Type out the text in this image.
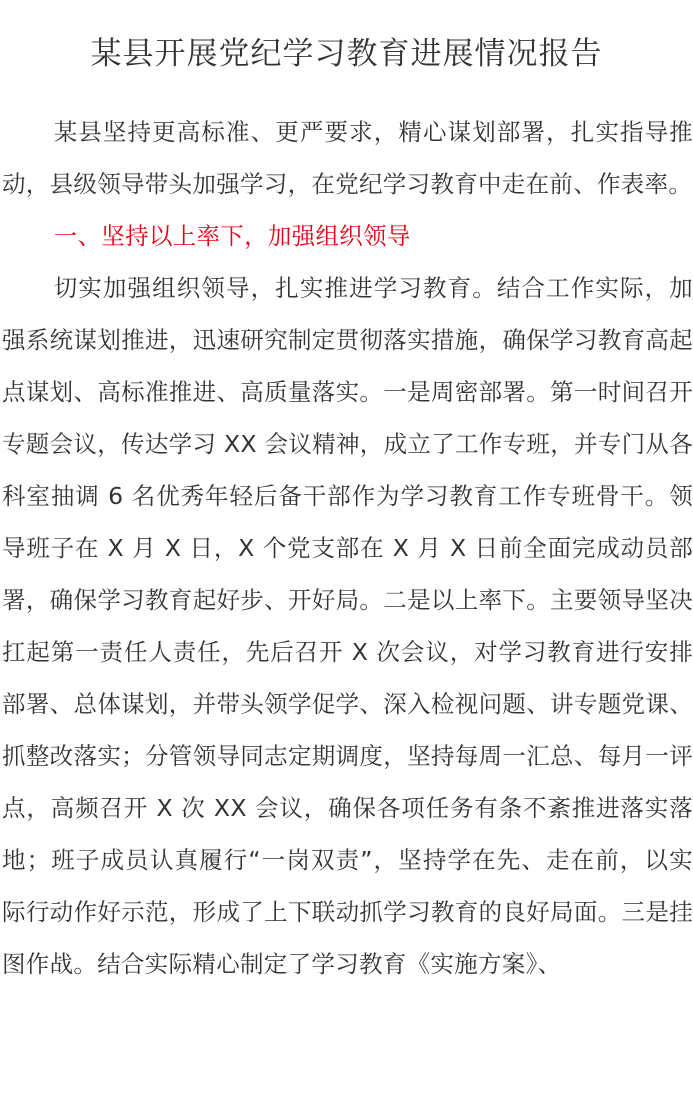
某县开展党纪学习教育进展情况报告

某县坚持更高标准、更严要求，精心谋划部署，扎实指导推动，县级领导带头加强学习，在党纪学习教育中走在前、作表率。

一、坚持以上率下，加强组织领导

切实加强组织领导，扎实推进学习教育。结合工作实际，加强系统谋划推进，迅速研究制定贯彻落实措施，确保学习教育高起点谋划、高标准推进、高质量落实。一是周密部署。第一时间召开专题会议，传达学习 XX 会议精神，成立了工作专班，并专门从各科室抽调 6 名优秀年轻后备干部作为学习教育工作专班骨干。领导班子在 X 月 X 日，X 个党支部在 X 月 X 日前全面完成动员部署，确保学习教育起好步、开好局。二是以上率下。主要领导坚决扛起第一责任人责任，先后召开 X 次会议，对学习教育进行安排部署、总体谋划，并带头领学促学、深入检视问题、讲专题党课、抓整改落实；分管领导同志定期调度，坚持每周一汇总、每月一评点，高频召开 X 次 XX 会议，确保各项任务有条不紊推进落实落地；班子成员认真履行“一岗双责”，坚持学在先、走在前，以实际行动作好示范，形成了上下联动抓学习教育的良好局面。三是挂图作战。结合实际精心制定了学习教育《实施方案》、
